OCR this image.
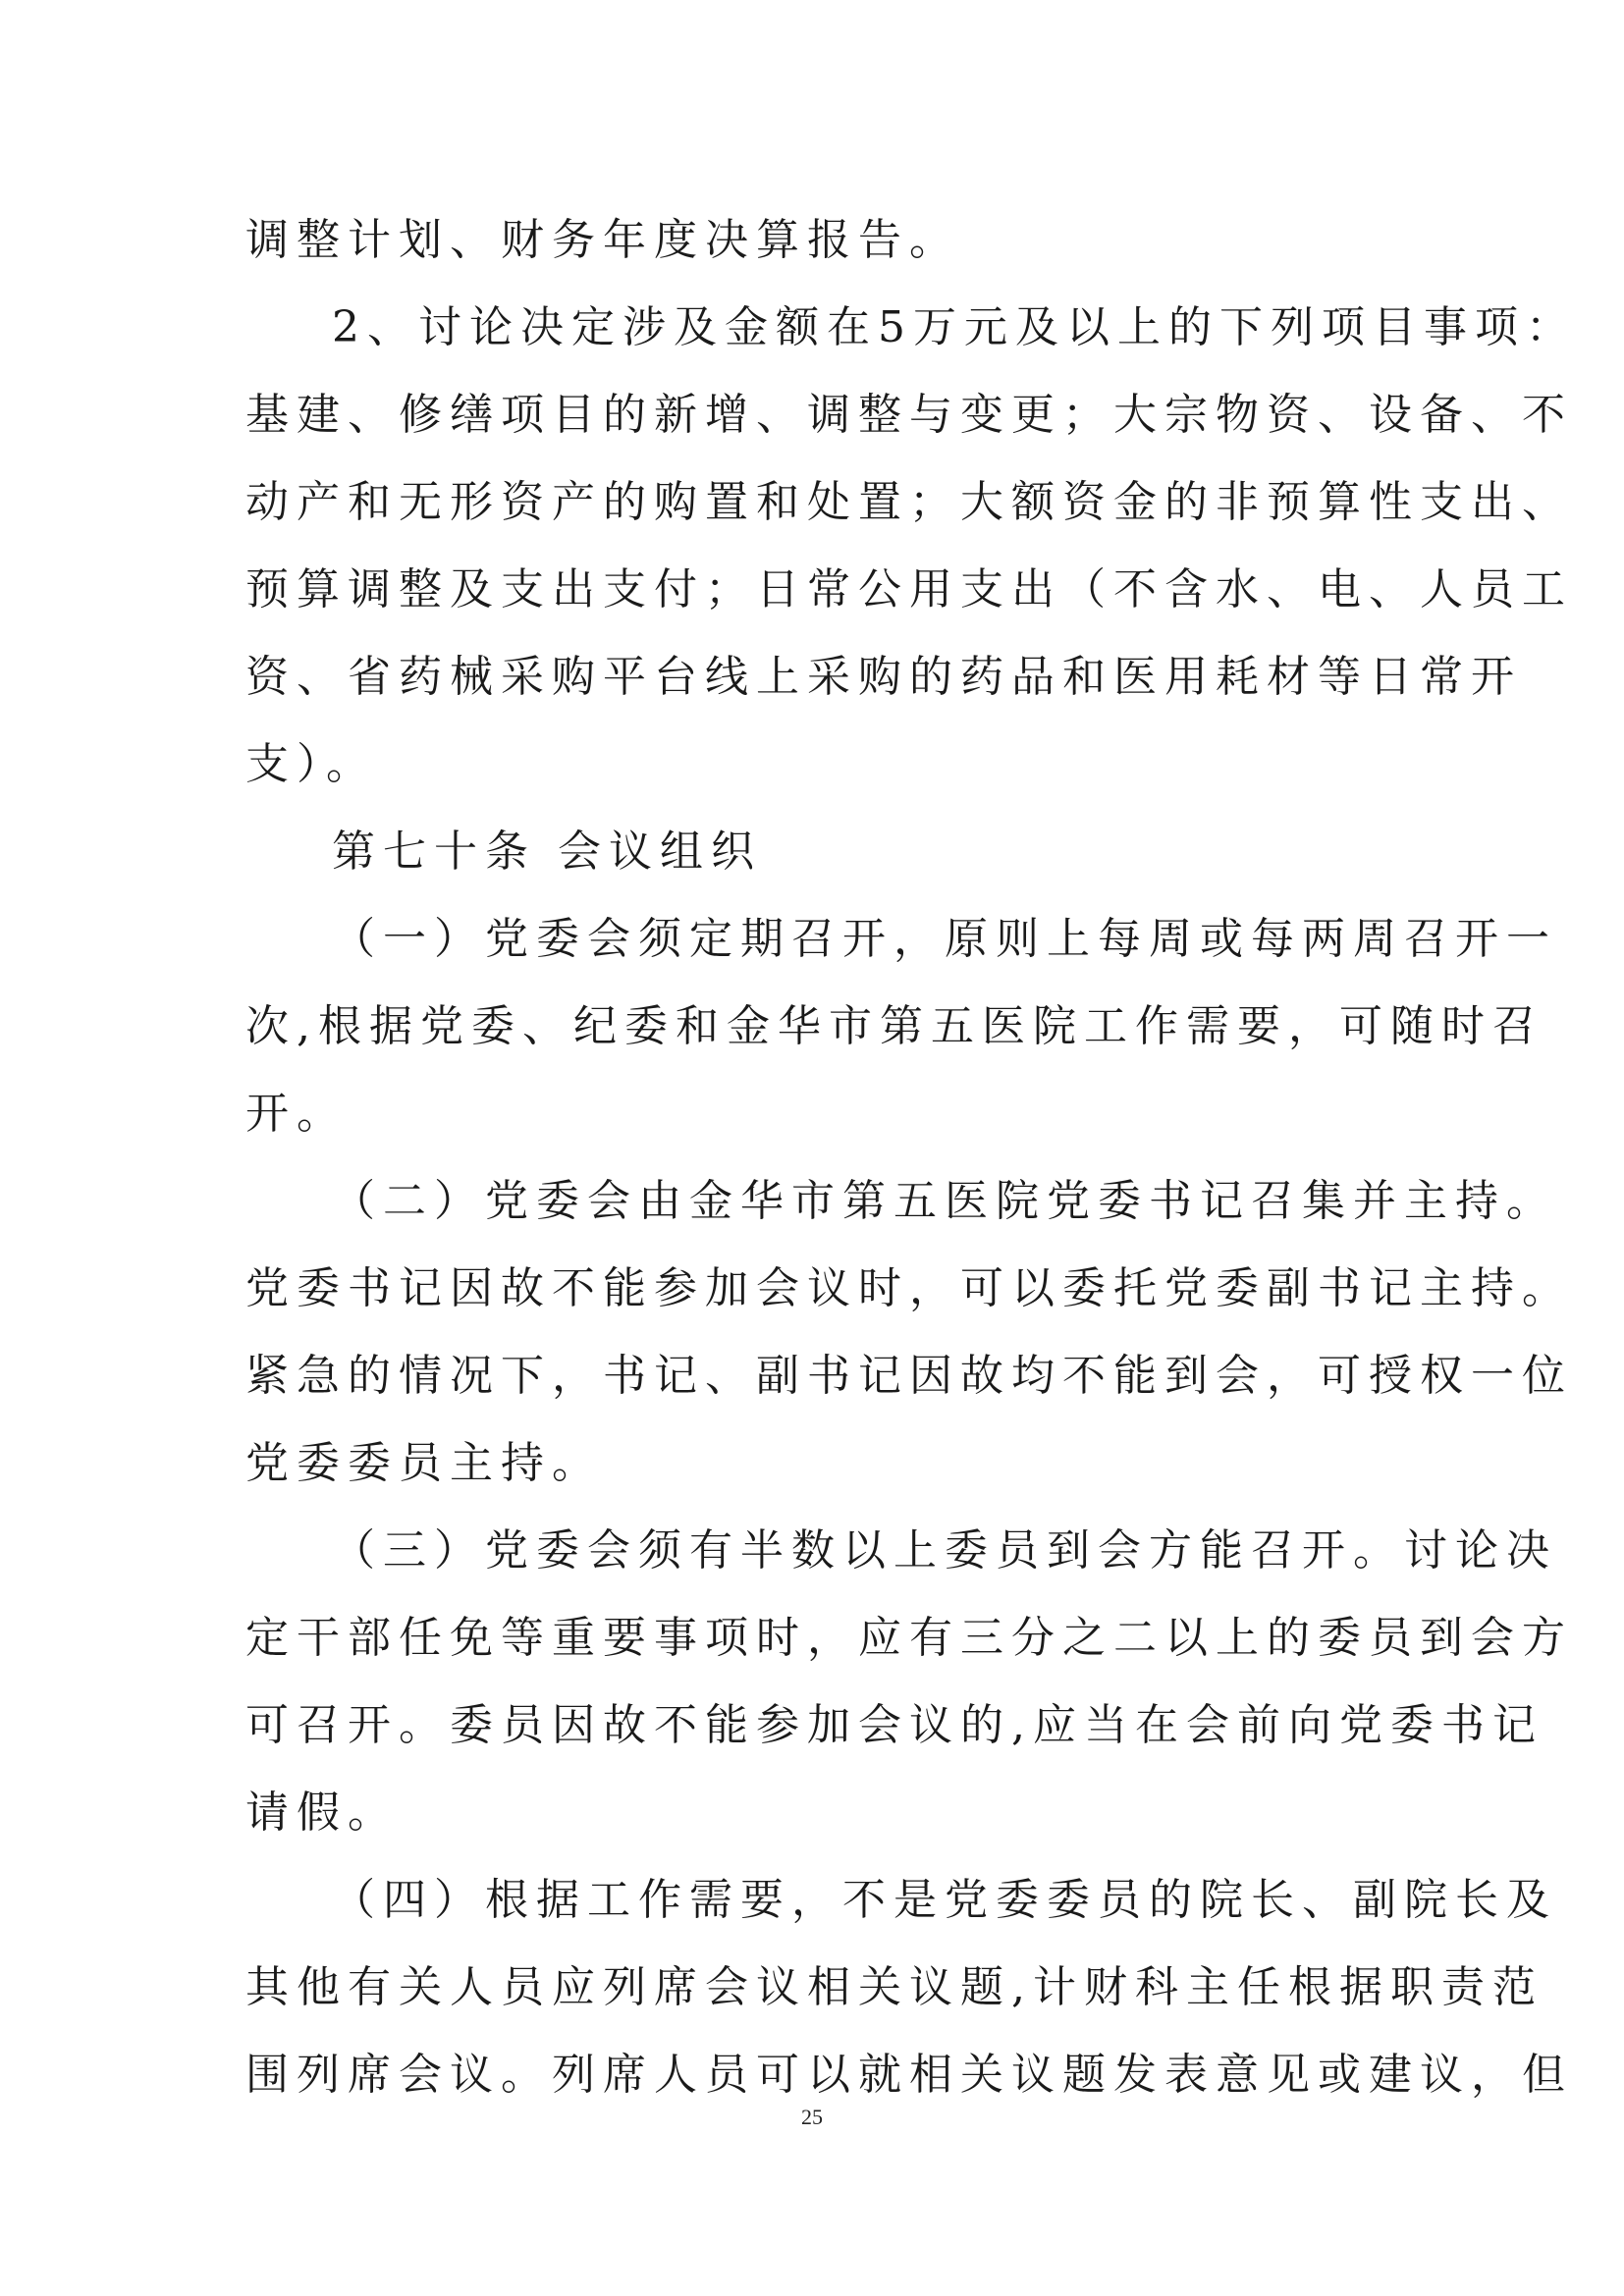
调整计划、财务年度决算报告。
2、讨论决定涉及金额在5万元及以上的下列项目事项：
基建、修缮项目的新增、调整与变更；大宗物资、设备、不
动产和无形资产的购置和处置；大额资金的非预算性支出、
预算调整及支出支付；日常公用支出（不含水、电、人员工
资、省药械采购平台线上采购的药品和医用耗材等日常开
支）。
第七十条 会议组织
（一）党委会须定期召开，原则上每周或每两周召开一
次,根据党委、纪委和金华市第五医院工作需要，可随时召
开。
（二）党委会由金华市第五医院党委书记召集并主持。
党委书记因故不能参加会议时，可以委托党委副书记主持。
紧急的情况下，书记、副书记因故均不能到会，可授权一位
党委委员主持。
（三）党委会须有半数以上委员到会方能召开。讨论决
定干部任免等重要事项时，应有三分之二以上的委员到会方
可召开。委员因故不能参加会议的,应当在会前向党委书记
请假。
（四）根据工作需要，不是党委委员的院长、副院长及
其他有关人员应列席会议相关议题,计财科主任根据职责范
围列席会议。列席人员可以就相关议题发表意见或建议，但
25
